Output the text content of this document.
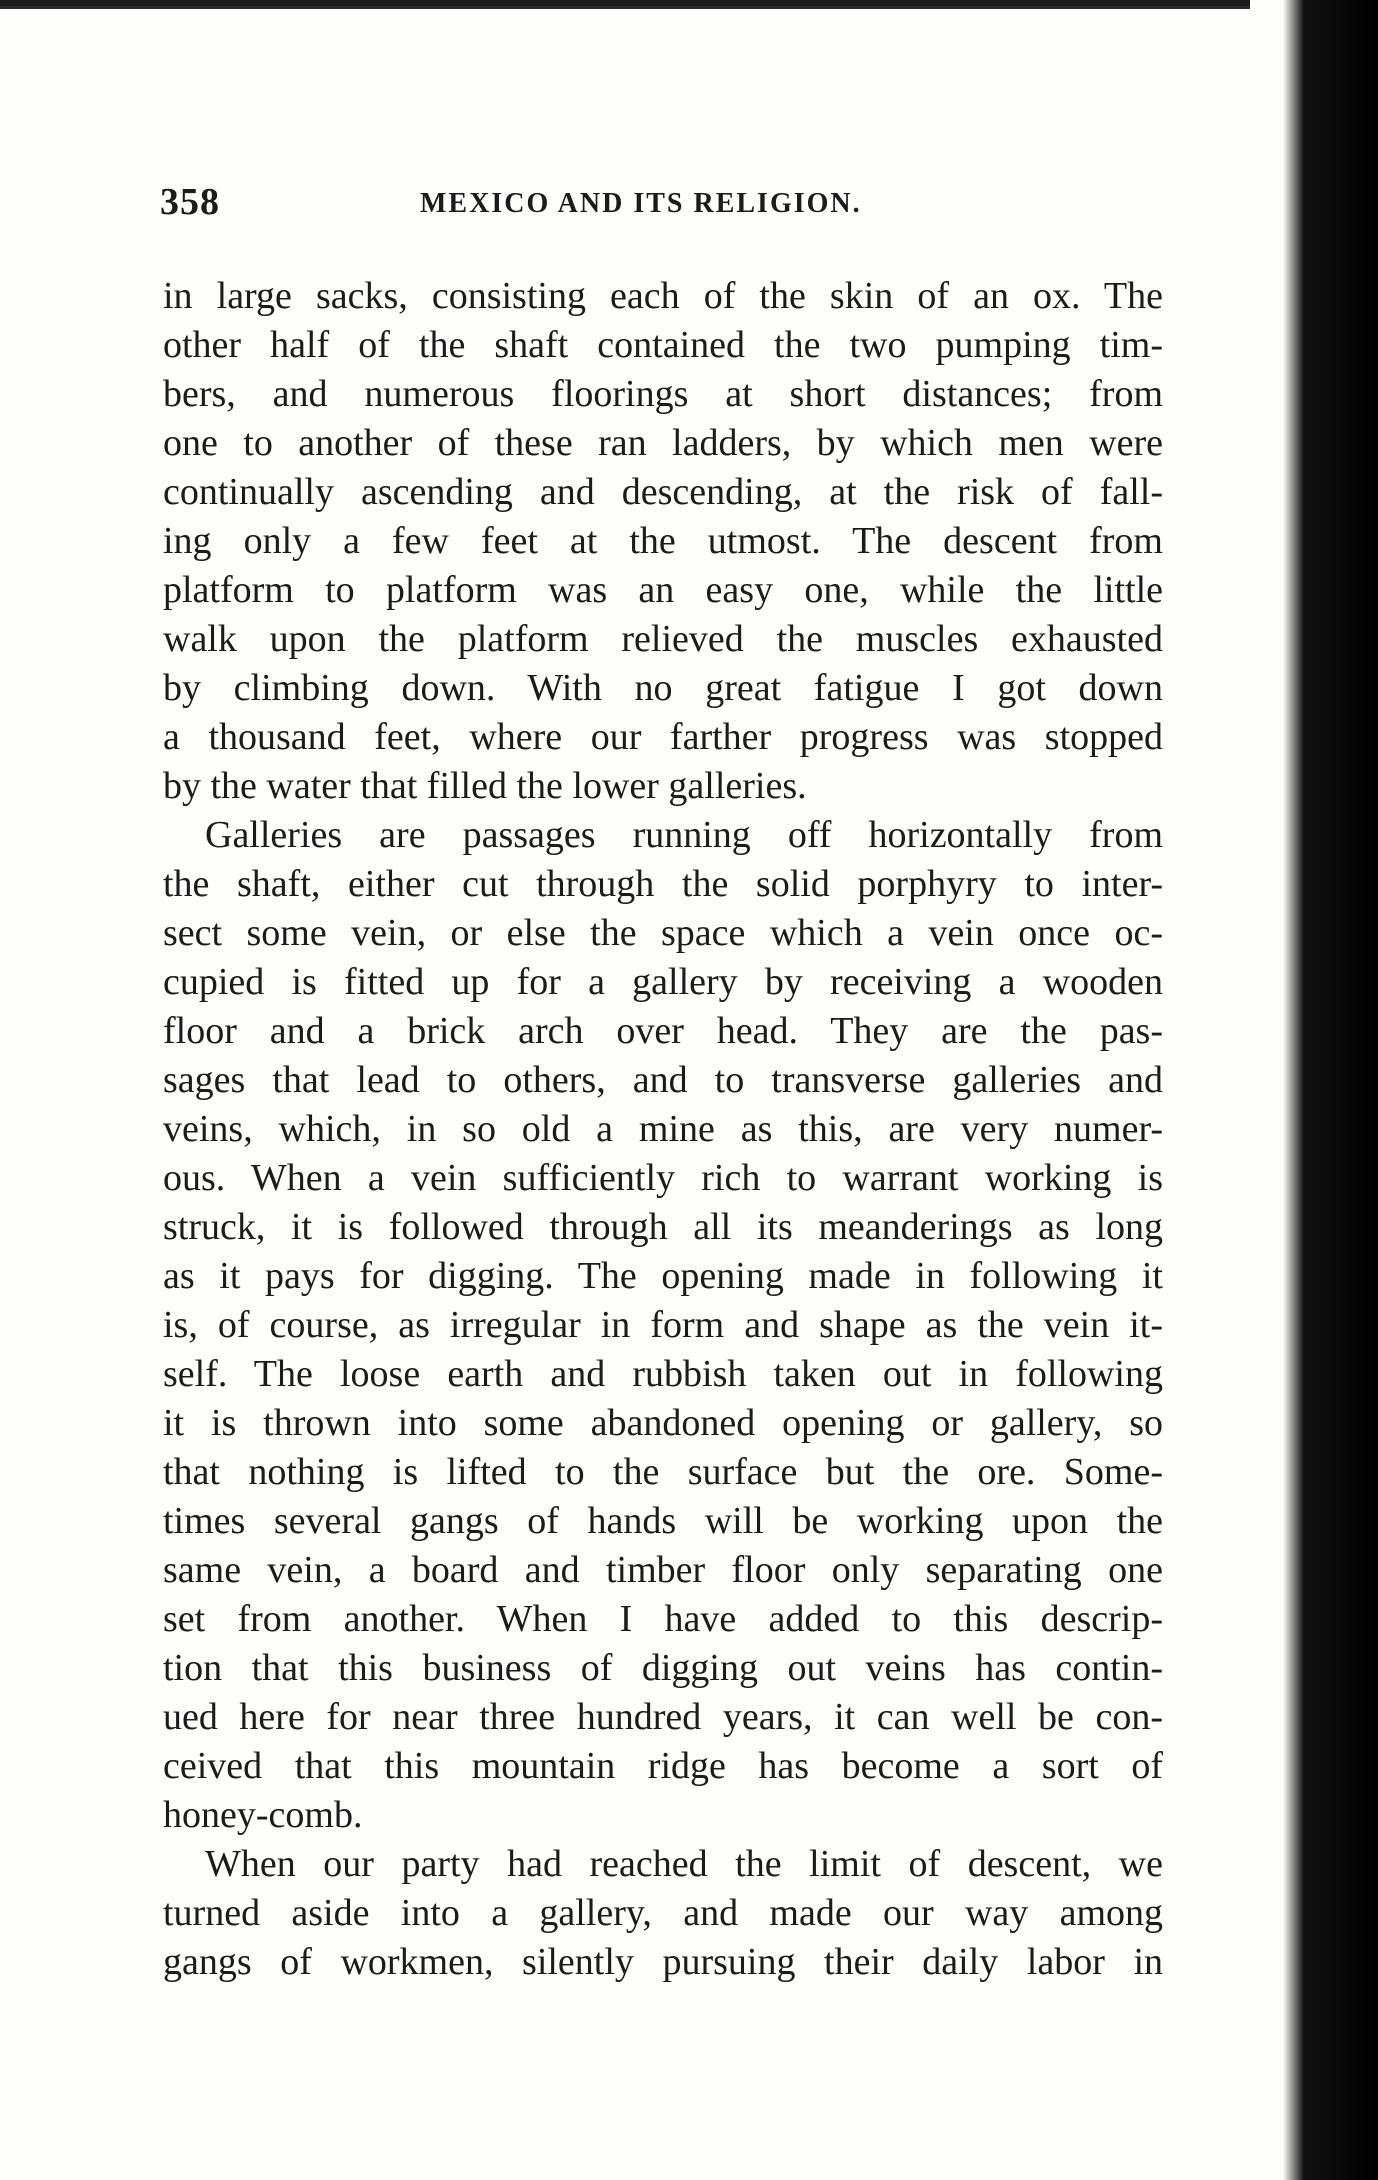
358	MEXICO AND ITS RELIGION.
in large sacks, consisting each of the skin of an ox. The
other half of the shaft contained the two pumping tim-
bers, and numerous floorings at short distances; from
one to another of these ran ladders, by which men were
continually ascending and descending, at the risk of fall-
ing only a few feet at the utmost. The descent from
platform to platform was an easy one, while the little
walk upon the platform relieved the muscles exhausted
by climbing down. With no great fatigue I got down
a thousand feet, where our farther progress was stopped
by the water that filled the lower galleries.
Galleries are passages running off horizontally from
the shaft, either cut through the solid porphyry to inter-
sect some vein, or else the space which a vein once oc-
cupied is fitted up for a gallery by receiving a wooden
floor and a brick arch over head. They are the pas-
sages that lead to others, and to transverse galleries and
veins, which, in so old a mine as this, are very numer-
ous. When a vein sufficiently rich to warrant working is
struck, it is followed through all its meanderings as long
as it pays for digging. The opening made in following it
is, of course, as irregular in form and shape as the vein it-
self. The loose earth and rubbish taken out in following
it is thrown into some abandoned opening or gallery, so
that nothing is lifted to the surface but the ore. Some-
times several gangs of hands will be working upon the
same vein, a board and timber floor only separating one
set from another. When I have added to this descrip-
tion that this business of digging out veins has contin-
ued here for near three hundred years, it can well be con-
ceived that this mountain ridge has become a sort of
honey-comb.
When our party had reached the limit of descent, we
turned aside into a gallery, and made our way among
gangs of workmen, silently pursuing their daily labor in
